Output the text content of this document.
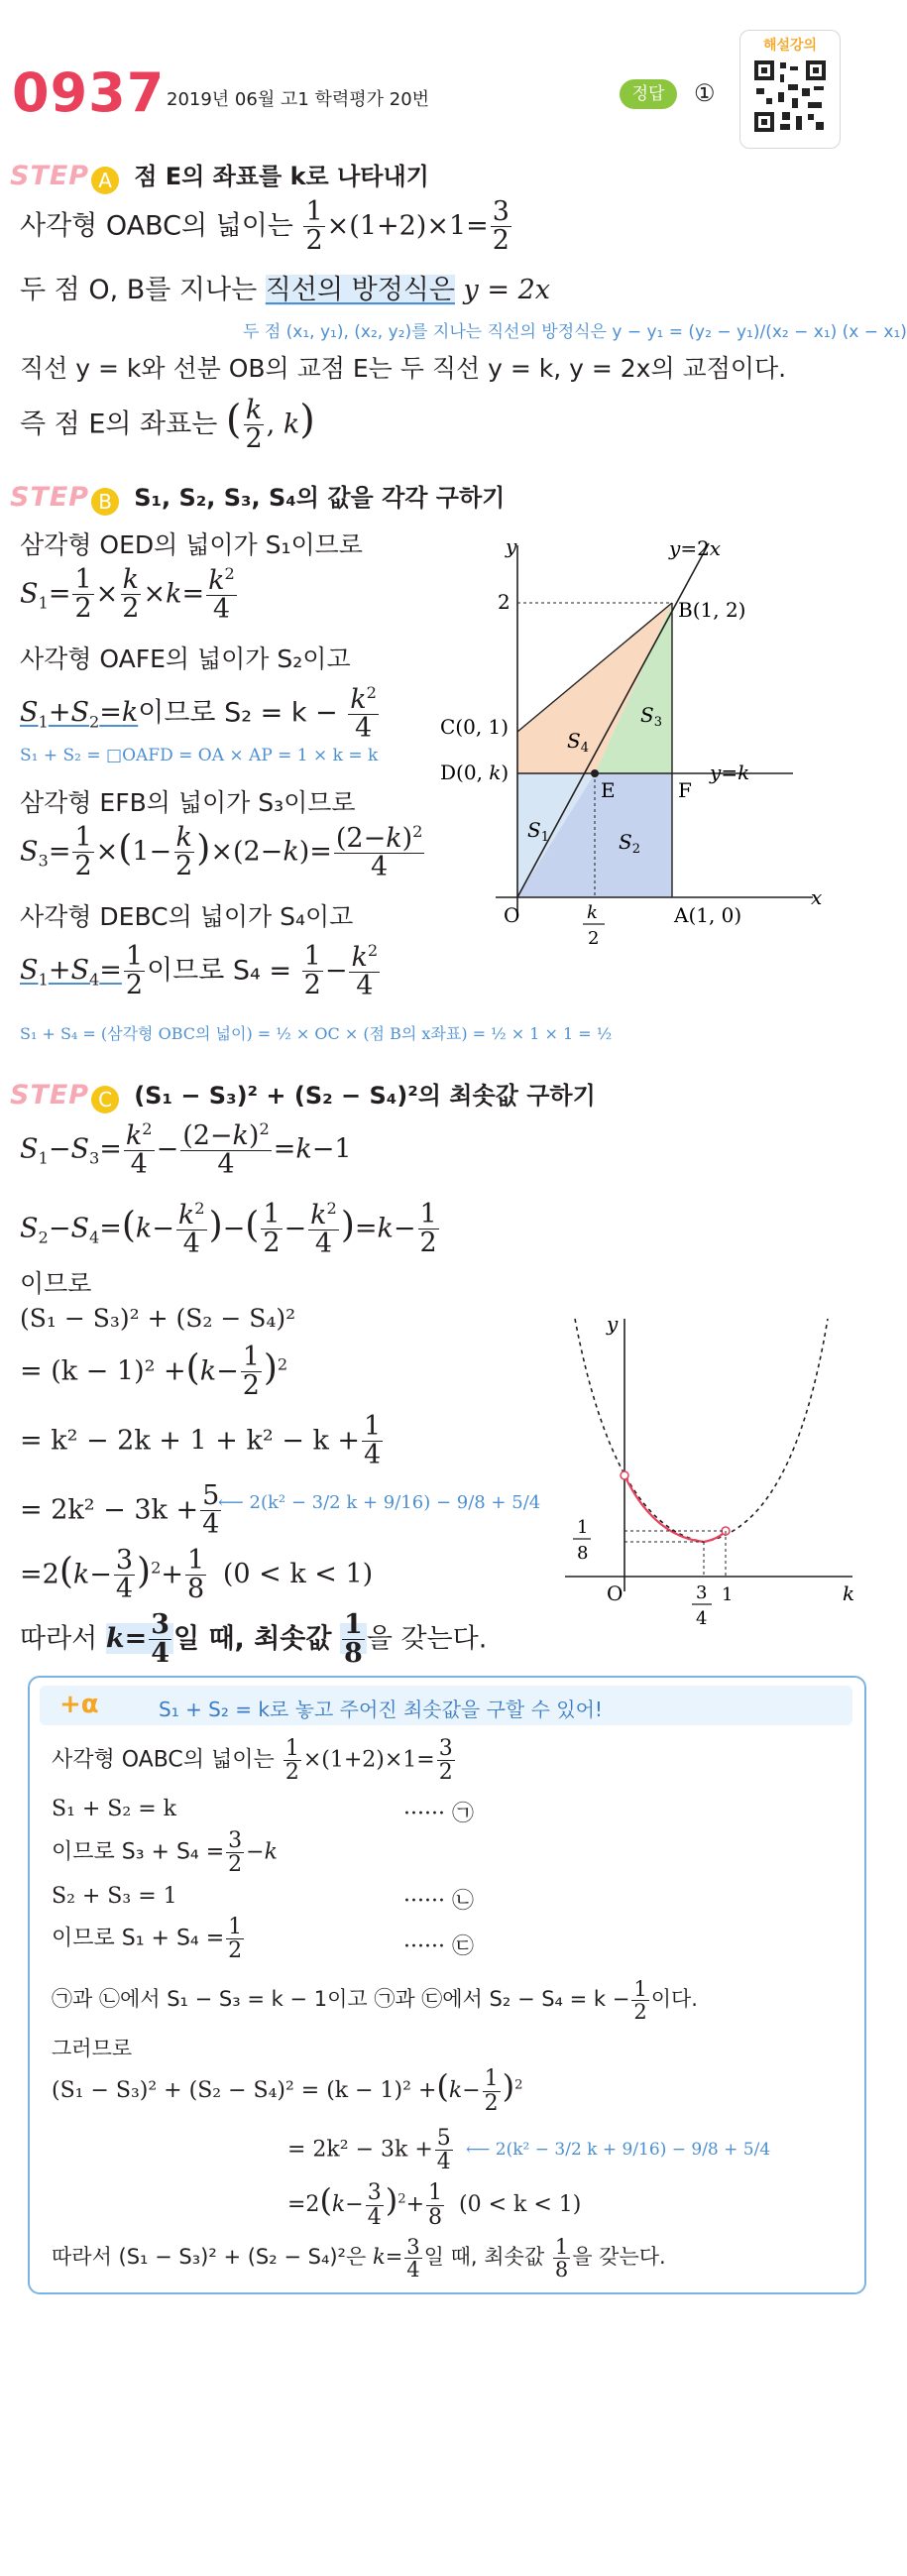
0937 2019년 06월 고1 학력평가 20번	정답	①
해설강의
STEP A 점 E의 좌표를 k로 나타내기
사각형 OABC의 넓이는 $\frac{1}{2} \times(1+2)\times 1= \frac{3}{2}$
두 점 O, B를 지나는 직선의 방정식은 y = 2x
두 점 (x₁, y₁), (x₂, y₂)를 지나는 직선의 방정식은 y − y₁ = (y₂ − y₁)/(x₂ − x₁) (x − x₁)
직선 y = k와 선분 OB의 교점 E는 두 직선 y = k, y = 2x의 교점이다.
즉 점 E의 좌표는 ( $\frac{k}{2}$ , k)
STEP B S₁, S₂, S₃, S₄의 값을 각각 구하기
삼각형 OED의 넓이가 S₁이므로
$S_1= \frac{1}{2} \times \frac{k}{2} \times k= \frac{k^2}{4}$
사각형 OAFE의 넓이가 S₂이고
$S_1+S_2=k$이므로 $S_2 = k - \frac{k^2}{4}$
S₁ + S₂ = □OAFD = OA × AP = 1 × k = k
삼각형 EFB의 넓이가 S₃이므로
$S_3= \frac{1}{2} \times(1- \frac{k}{2} )\times(2-k)= \frac{(2-k)^2}{4}$
사각형 DEBC의 넓이가 S₄이고
$S_1+S_4= \frac{1}{2}$ 이므로 $S_4 = \frac{1}{2} - \frac{k^2}{4}$
S₁ + S₄ = (삼각형 OBC의 넓이) = ½ × OC × (점 B의 x좌표) = ½ × 1 × 1 = ½
y	y=2x
2	B(1, 2)
C(0, 1)
D(0, k)
E	F
y=k
$S_1$	$S_2$
$S_3$
$S_4$
O	k
2
A(1, 0)
x
STEP C (S₁ − S₃)² + (S₂ − S₄)²의 최솟값 구하기
$S_1-S_3= \frac{k^2}{4} - \frac{(2-k)^2}{4} =k-1$
$S_2-S_4=(k- \frac{k^2}{4}$ )−( $\frac{1}{2} - \frac{k^2}{4} )=k- \frac{1}{2}$
이므로
(S₁ − S₃)² + (S₂ − S₄)²
= $(k - 1)^2 +(k- \frac{1}{2} )^2$
= $k^2 - 2k + 1 + k^2 - k + \frac{1}{4}$
= $2k^2 - 3k + \frac{5}{4}$
⟵ 2(k² − 3/2 k + 9/16) − 9/8 + 5/4
$=2(k- \frac{3}{4} )^2+ \frac{1}{8} (0 < k < 1)$
따라서 $k= \frac{3}{4}$ 일 때, 최솟값 $\frac{1}{8}$ 을 갖는다.
y
1
8
O	3
4
1	k
+α	S₁ + S₂ = k로 놓고 주어진 최솟값을 구할 수 있어!
사각형 OABC의 넓이는 $\frac{1}{2} \times(1+2)\times 1= \frac{3}{2}$
S₁ + S₂ = k	······ ㉠
이므로 $S_3 + S_4 = \frac{3}{2} -k$
S₂ + S₃ = 1	······ ㉡
이므로 $S_1 + S_4 = \frac{1}{2}$	······ ㉢
㉠과 ㉡에서 S₁ − S₃ = k − 1이고 ㉠과 ㉢에서 $S_2 - S_4 = k - \frac{1}{2}$ 이다.
그러므로
$(S_1 - S_3)^2 + (S_2 - S_4)^2 = (k - 1)^2 +(k- \frac{1}{2} )^2$
= $2k^2 - 3k + \frac{5}{4}$ ⟵ 2(k² − 3/2 k + 9/16) − 9/8 + 5/4
$=2(k- \frac{3}{4} )^2+ \frac{1}{8} (0 < k < 1)$
따라서 (S₁ − S₃)² + (S₂ − S₄)²은 $k= \frac{3}{4}$ 일 때, 최솟값 $\frac{1}{8}$ 을 갖는다.
